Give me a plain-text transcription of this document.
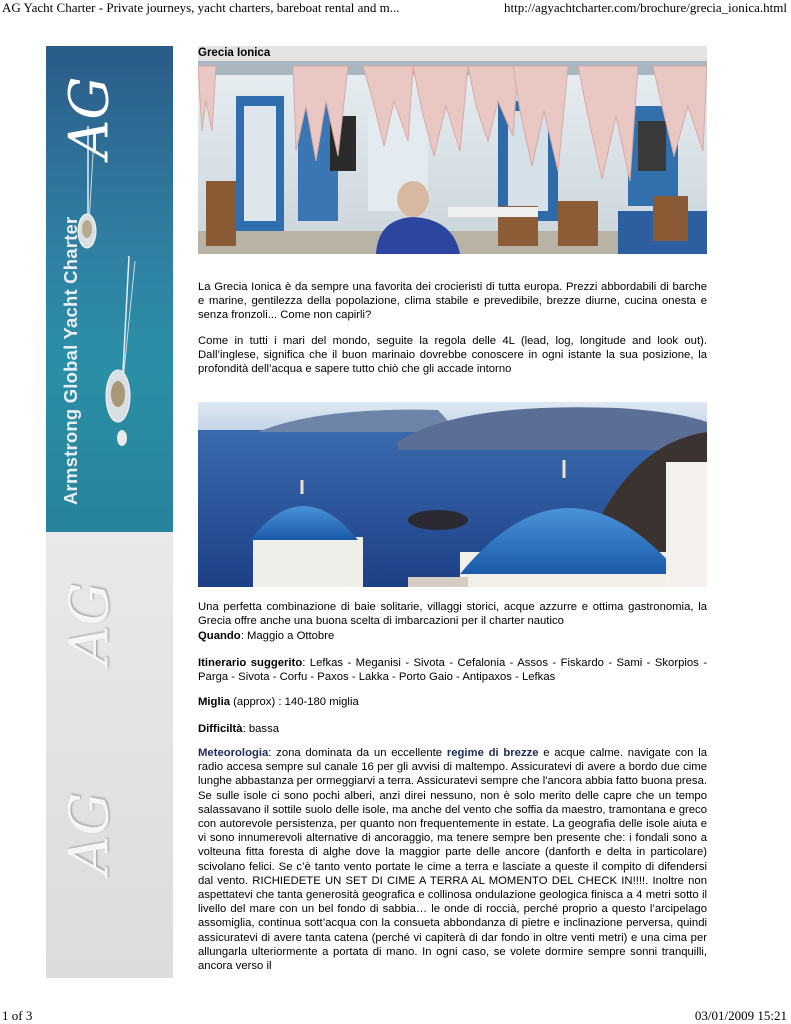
AG Yacht Charter - Private journeys, yacht charters, bareboat rental and m...	http://agyachtcharter.com/brochure/grecia_ionica.html
1 of 3	03/01/2009 15:21
AG
Armstrong Global Yacht Charter
AG
AG
Grecia Ionica

La Grecia Ionica è da sempre una favorita dei crocieristi di tutta europa. Prezzi abbordabili di barche e marine, gentilezza della popolazione, clima stabile e prevedibile, brezze diurne, cucina onesta e senza fronzoli... Come non capirli?

Come in tutti i mari del mondo, seguite la regola delle 4L (lead, log, longitude and look out). Dall’inglese, significa che il buon marinaio dovrebbe conoscere in ogni istante la sua posizione, la profondità dell’acqua e sapere tutto chiò che gli accade intorno

Una perfetta combinazione di baie solitarie, villaggi storici, acque azzurre e ottima gastronomia, la Grecia offre anche una buona scelta di imbarcazioni per il charter nautico

Quando: Maggio a Ottobre

Itinerario suggerito: Lefkas - Meganisi - Sivota - Cefalonia - Assos - Fiskardo - Sami - Skorpios - Parga - Sivota - Corfu - Paxos - Lakka - Porto Gaio - Antipaxos - Lefkas

Miglia (approx) : 140-180 miglia

Difficiltà: bassa

Meteorologia: zona dominata da un eccellente regime di brezze e acque calme. navigate con la radio accesa sempre sul canale 16 per gli avvisi di maltempo. Assicuratevi di avere a bordo due cime lunghe abbastanza per ormeggiarvi a terra. Assicuratevi sempre che l'ancora abbia fatto buona presa. Se sulle isole ci sono pochi alberi, anzi direi nessuno, non è solo merito delle capre che un tempo salassavano il sottile suolo delle isole, ma anche del vento che soffia da maestro, tramontana e greco con autorevole persistenza, per quanto non frequentemente in estate. La geografia delle isole aiuta e vi sono innumerevoli alternative di ancoraggio, ma tenere sempre ben presente che: i fondali sono a volteuna fitta foresta di alghe dove la maggior parte delle ancore (danforth e delta in particolare) scivolano felici. Se c’è tanto vento portate le cime a terra e lasciate a queste il compito di difendersi dal vento. RICHIEDETE UN SET DI CIME A TERRA AL MOMENTO DEL CHECK IN!!!!. Inoltre non aspettatevi che tanta generosità geografica e collinosa ondulazione geologica finisca a 4 metri sotto il livello del mare con un bel fondo di sabbia… le onde di roccià, perché proprio a questo l’arcipelago assomiglia, continua sott’acqua con la consueta abbondanza di pietre e inclinazione perversa, quindi assicuratevi di avere tanta catena (perché vi capiterà di dar fondo in oltre venti metri) e una cima per allungarla ulteriormente a portata di mano. In ogni caso, se volete dormire sempre sonni tranquilli, ancora verso il
